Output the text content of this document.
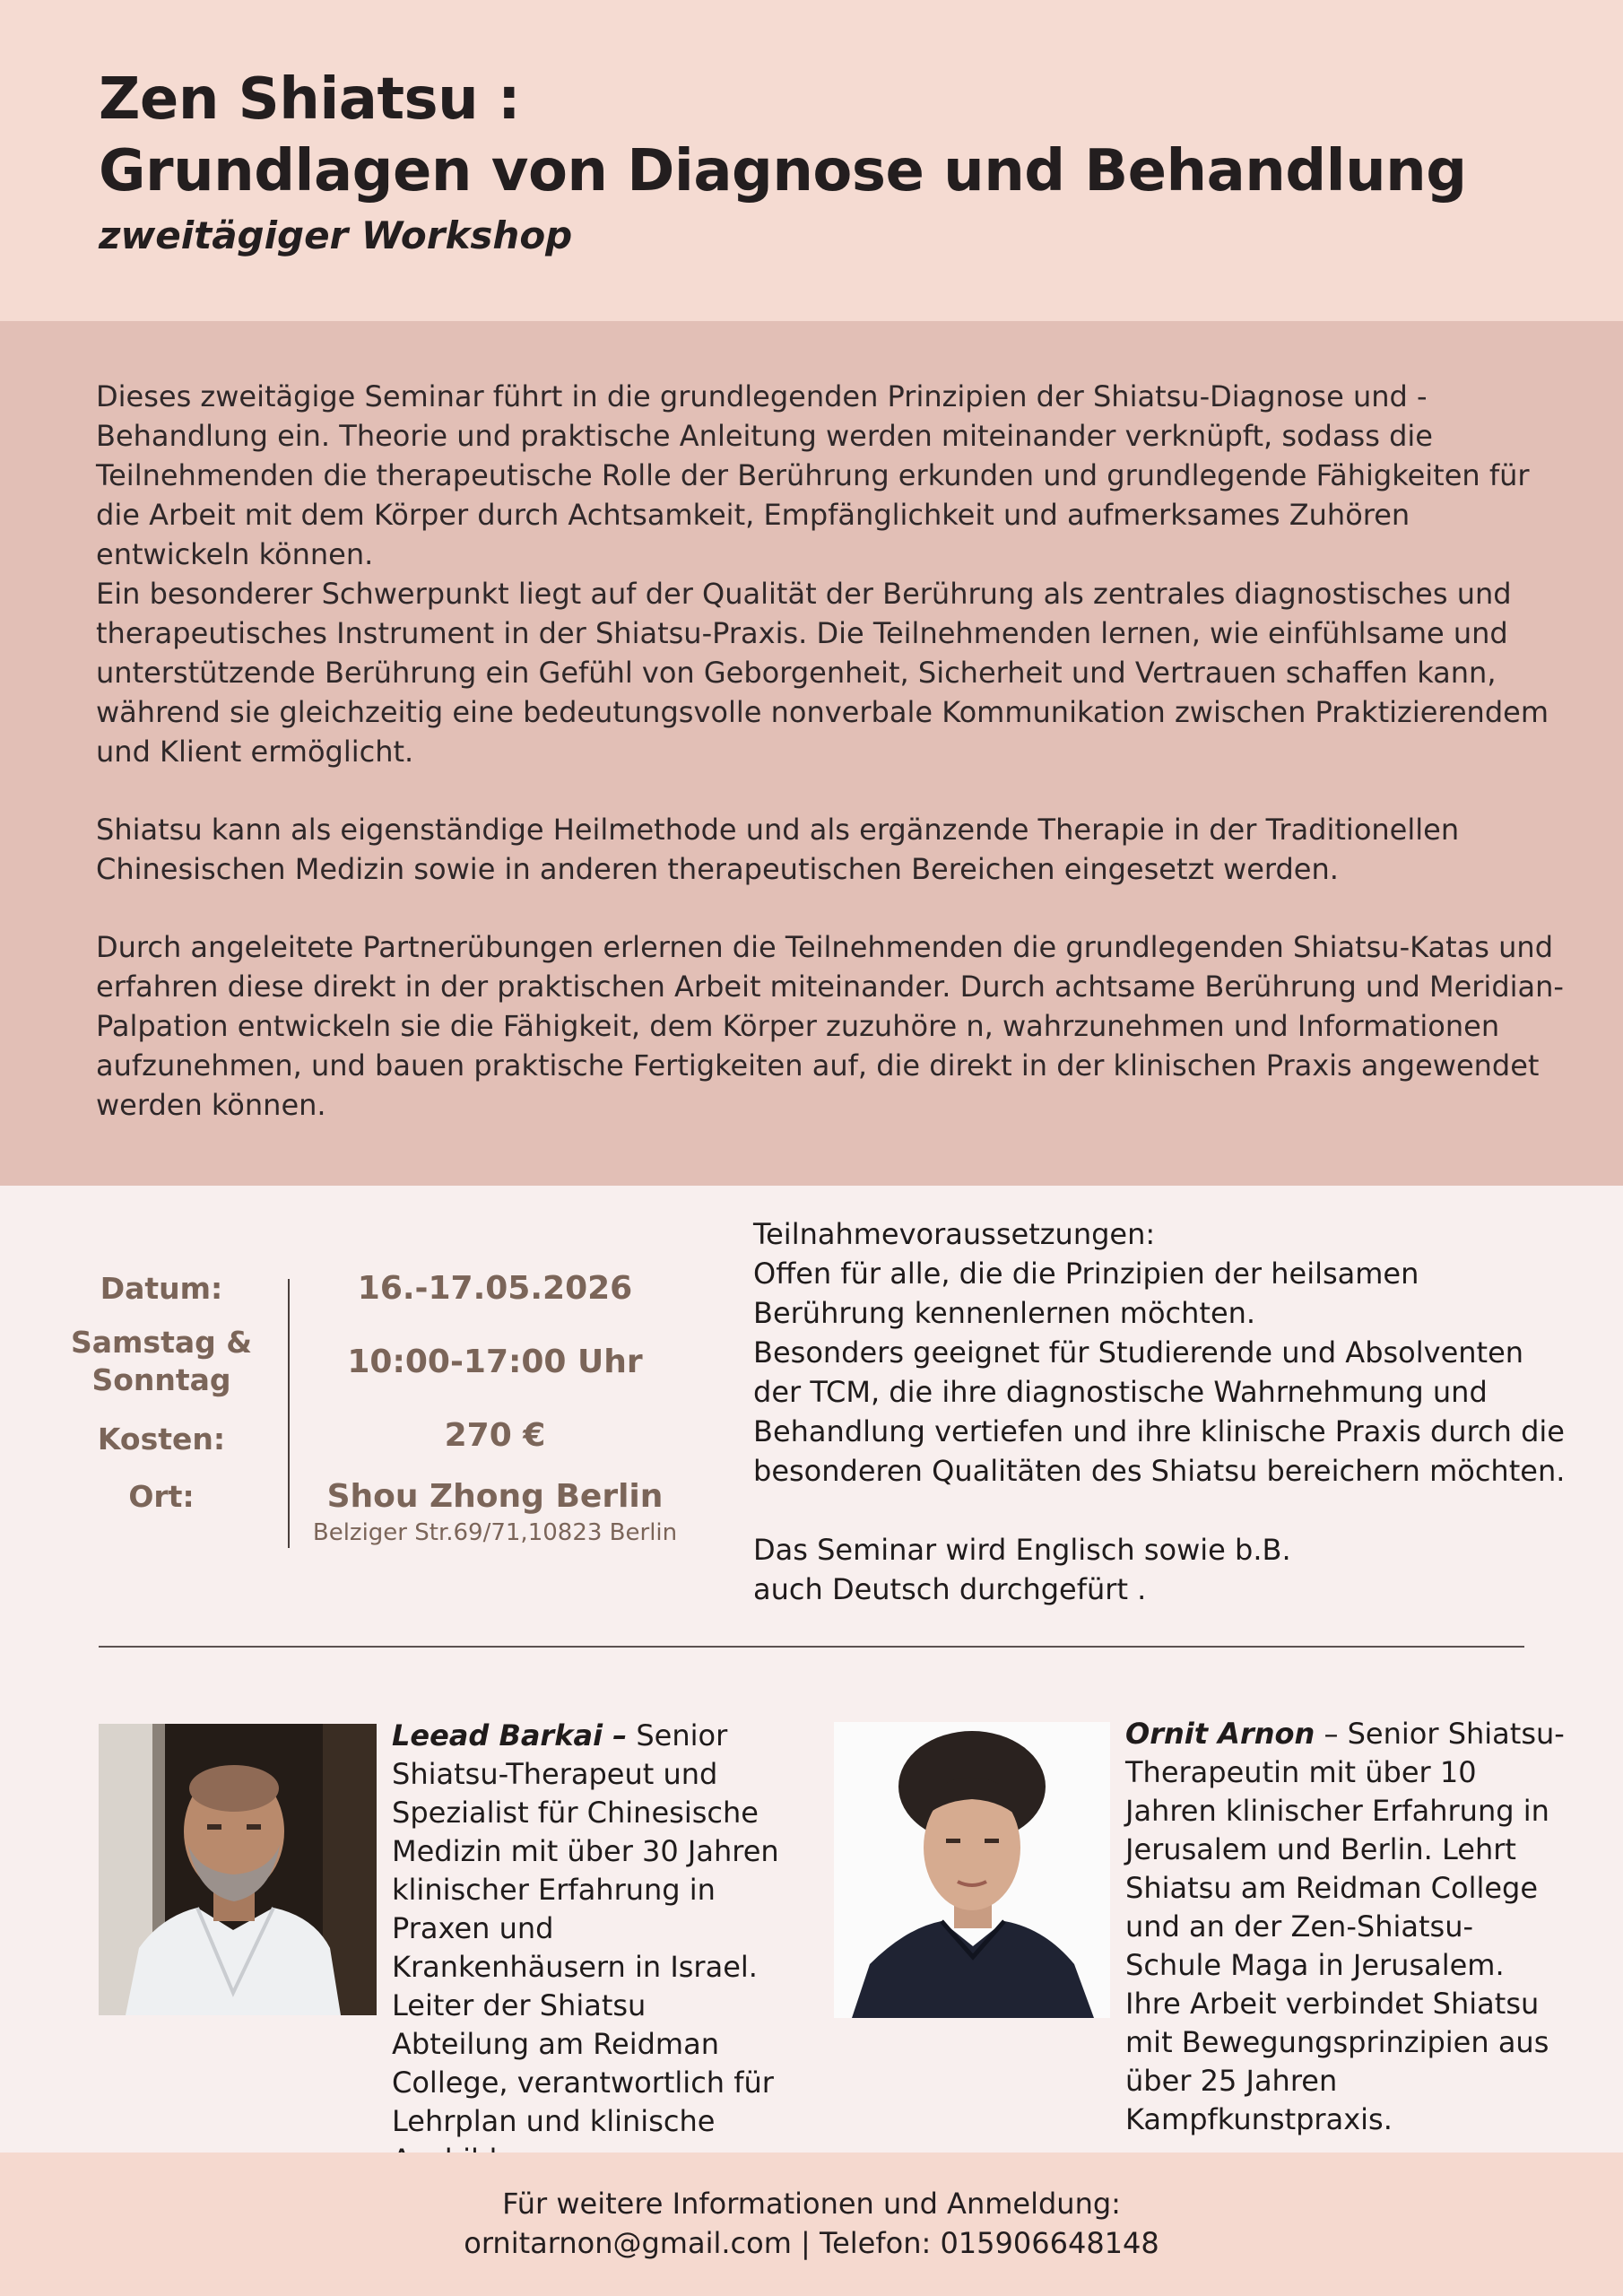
Zen Shiatsu :
Grundlagen von Diagnose und Behandlung
zweitägiger Workshop

Dieses zweitägige Seminar führt in die grundlegenden Prinzipien der Shiatsu-Diagnose und -Behandlung ein. Theorie und praktische Anleitung werden miteinander verknüpft, sodass die Teilnehmenden die therapeutische Rolle der Berührung erkunden und grundlegende Fähigkeiten für die Arbeit mit dem Körper durch Achtsamkeit, Empfänglichkeit und aufmerksames Zuhören entwickeln können.

Ein besonderer Schwerpunkt liegt auf der Qualität der Berührung als zentrales diagnostisches und therapeutisches Instrument in der Shiatsu-Praxis. Die Teilnehmenden lernen, wie einfühlsame und unterstützende Berührung ein Gefühl von Geborgenheit, Sicherheit und Vertrauen schaffen kann, während sie gleichzeitig eine bedeutungsvolle nonverbale Kommunikation zwischen Praktizierendem und Klient ermöglicht.

Shiatsu kann als eigenständige Heilmethode und als ergänzende Therapie in der Traditionellen Chinesischen Medizin sowie in anderen therapeutischen Bereichen eingesetzt werden.

Durch angeleitete Partnerübungen erlernen die Teilnehmenden die grundlegenden Shiatsu-Katas und erfahren diese direkt in der praktischen Arbeit miteinander. Durch achtsame Berührung und Meridian-Palpation entwickeln sie die Fähigkeit, dem Körper zuzuhöre n, wahrzunehmen und Informationen aufzunehmen, und bauen praktische Fertigkeiten auf, die direkt in der klinischen Praxis angewendet werden können.

Datum:
Samstag & Sonntag
Kosten:
Ort:
16.-17.05.2026
10:00-17:00 Uhr
270 €
Shou Zhong Berlin
Belziger Str.69/71,10823 Berlin

Teilnahmevoraussetzungen:

Offen für alle, die die Prinzipien der heilsamen Berührung kennenlernen möchten.

Besonders geeignet für Studierende und Absolventen der TCM, die ihre diagnostische Wahrnehmung und Behandlung vertiefen und ihre klinische Praxis durch die besonderen Qualitäten des Shiatsu bereichern möchten.

Das Seminar wird Englisch sowie b.B. auch Deutsch durchgefürt .

Leead Barkai – Senior Shiatsu-Therapeut und Spezialist für Chinesische Medizin mit über 30 Jahren klinischer Erfahrung in Praxen und Krankenhäusern in Israel. Leiter der Shiatsu Abteilung am Reidman College, verantwortlich für Lehrplan und klinische

Ornit Arnon – Senior Shiatsu-Therapeutin mit über 10 Jahren klinischer Erfahrung in Jerusalem und Berlin. Lehrt Shiatsu am Reidman College und an der Zen-Shiatsu-Schule Maga in Jerusalem. Ihre Arbeit verbindet Shiatsu mit Bewegungsprinzipien aus über 25 Jahren Kampfkunstpraxis.

Für weitere Informationen und Anmeldung:
ornitarnon@gmail.com | Telefon: 015906648148
